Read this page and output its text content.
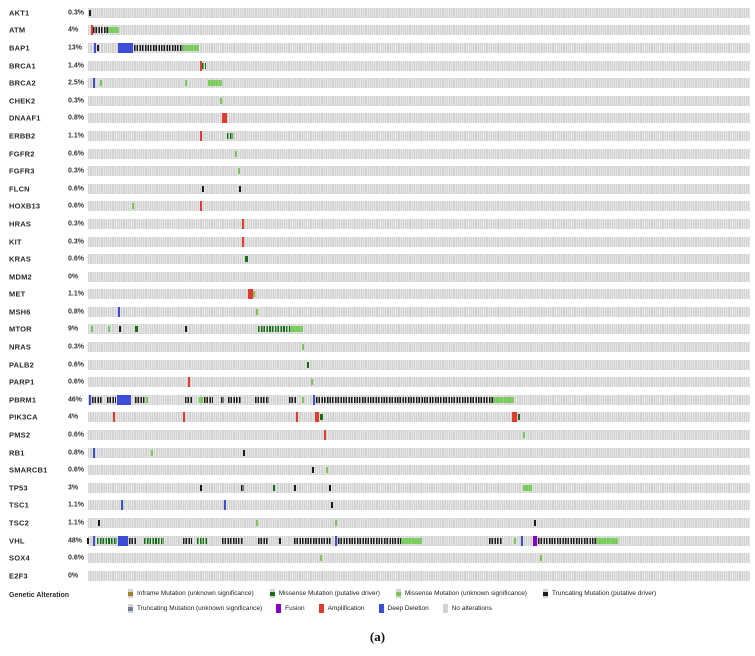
AKT1	0.3%
ATM	4%
BAP1	13%
BRCA1	1.4%
BRCA2	2.5%
CHEK2	0.3%
DNAAF1	0.8%
ERBB2	1.1%
FGFR2	0.6%
FGFR3	0.3%
FLCN	0.6%
HOXB13	0.6%
HRAS	0.3%
KIT	0.3%
KRAS	0.6%
MDM2	0%
MET	1.1%
MSH6	0.8%
MTOR	9%
NRAS	0.3%
PALB2	0.6%
PARP1	0.6%
PBRM1	46%
PIK3CA	4%
PMS2	0.6%
RB1	0.8%
SMARCB1	0.6%
TP53	3%
TSC1	1.1%
TSC2	1.1%
VHL	48%
SOX4	0.6%
E2F3	0%
Genetic Alteration	Inframe Mutation (unknown significance)	Missense Mutation (putative driver)	Missense Mutation (unknown significance)	Truncating Mutation (putative driver)
Truncating Mutation (unknown significance)	Fusion	Amplification	Deep Deletion	No alterations
(a)
